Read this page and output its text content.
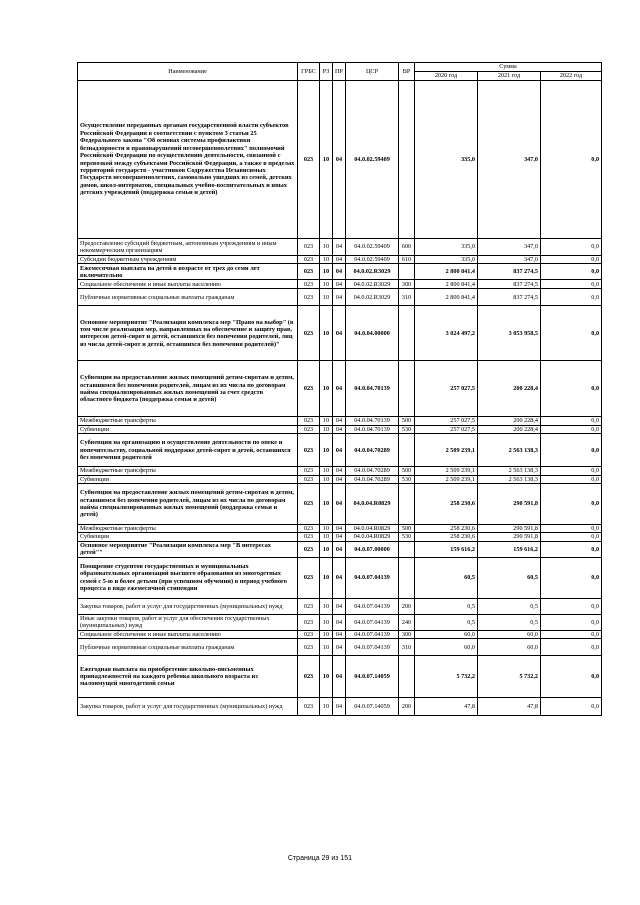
Наименование	ГРБС	РЗ	ПР	ЦСР	ВР	Сумма		
						2020 год	2021 год	2022 год
Осуществление переданных органам государственной власти субъектов Российской Федерации в соответствии с пунктом 3 статьи 25 Федерального закона "Об основах системы профилактики безнадзорности и правонарушений несовершеннолетних" полномочий Российской Федерации по осуществлению деятельности, связанной с перевозкой между субъектами Российской Федерации, а также в пределах территорий государств - участников Содружества Независимых Государств несовершеннолетних, самовольно ушедших из семей, детских домов, школ-интернатов, специальных учебно-воспитательных и иных детских учреждений (поддержка семьи и детей)	023	10	04	04.0.02.59409		335,0	347,0	0,0
Предоставление субсидий бюджетным, автономным учреждениям и иным некоммерческим организациям	023	10	04	04.0.02.59409	600	335,0	347,0	0,0
Субсидии бюджетным учреждениям	023	10	04	04.0.02.59409	610	335,0	347,0	0,0
Ежемесячная выплата на детей в возрасте от трех до семи лет включительно	023	10	04	04.0.02.R3029		2 800 841,4	837 274,5	0,0
Социальное обеспечение и иные выплаты населению	023	10	04	04.0.02.R3029	300	2 800 841,4	837 274,5	0,0
Публичные нормативные социальные выплаты гражданам	023	10	04	04.0.02.R3029	310	2 800 841,4	837 274,5	0,0
Основное мероприятие "Реализация комплекса мер "Право на выбор" (в том числе реализация мер, направленных на обеспечение и защиту прав, интересов детей-сирот и детей, оставшихся без попечения родителей, лиц из числа детей-сирот и детей, оставшихся без попечения родителей)"	023	10	04	04.0.04.00000		3 024 497,2	3 053 958,5	0,0
Субвенции на предоставление жилых помещений детям-сиротам и детям, оставшимся без попечения родителей, лицам из их числа по договорам найма специализированных жилых помещений за счет средств областного бюджета (поддержка семьи и детей)	023	10	04	04.0.04.70139		257 027,5	200 228,4	0,0
Межбюджетные трансферты	023	10	04	04.0.04.70139	500	257 027,5	200 228,4	0,0
Субвенции	023	10	04	04.0.04.70139	530	257 027,5	200 228,4	0,0
Субвенции на организацию и осуществление деятельности по опеке и попечительству, социальной поддержке детей-сирот и детей, оставшихся без попечения родителей	023	10	04	04.0.04.70289		2 509 239,1	2 563 138,3	0,0
Межбюджетные трансферты	023	10	04	04.0.04.70289	500	2 509 239,1	2 563 138,3	0,0
Субвенции	023	10	04	04.0.04.70289	530	2 509 239,1	2 563 138,3	0,0
Субвенции на предоставление жилых помещений детям-сиротам и детям, оставшимся без попечения родителей, лицам из их числа по договорам найма специализированных жилых помещений (поддержка семьи и детей)	023	10	04	04.0.04.R0829		258 230,6	290 591,8	0,0
Межбюджетные трансферты	023	10	04	04.0.04.R0829	500	258 230,6	290 591,8	0,0
Субвенции	023	10	04	04.0.04.R0829	530	258 230,6	290 591,8	0,0
Основное мероприятие "Реализация комплекса мер "В интересах детей""	023	10	04	04.0.07.00000		159 616,2	159 616,2	0,0
Поощрение студентов государственных и муниципальных образовательных организаций высшего образования из многодетных семей с 5-ю и более детьми (при успешном обучении) в период учебного процесса в виде ежемесячной стипендии	023	10	04	04.0.07.04139		60,5	60,5	0,0
Закупка товаров, работ и услуг для государственных (муниципальных) нужд	023	10	04	04.0.07.04139	200	0,5	0,5	0,0
Иные закупки товаров, работ и услуг для обеспечения государственных (муниципальных) нужд	023	10	04	04.0.07.04139	240	0,5	0,5	0,0
Социальное обеспечение и иные выплаты населению	023	10	04	04.0.07.04139	300	60,0	60,0	0,0
Публичные нормативные социальные выплаты гражданам	023	10	04	04.0.07.04139	310	60,0	60,0	0,0
Ежегодная выплата на приобретение школьно-письменных принадлежностей на каждого ребенка школьного возраста из малоимущей многодетной семьи	023	10	04	04.0.07.14059		5 732,2	5 732,2	0,0
Закупка товаров, работ и услуг для государственных (муниципальных) нужд	023	10	04	04.0.07.14059	200	47,8	47,8	0,0
Страница 29 из 151
